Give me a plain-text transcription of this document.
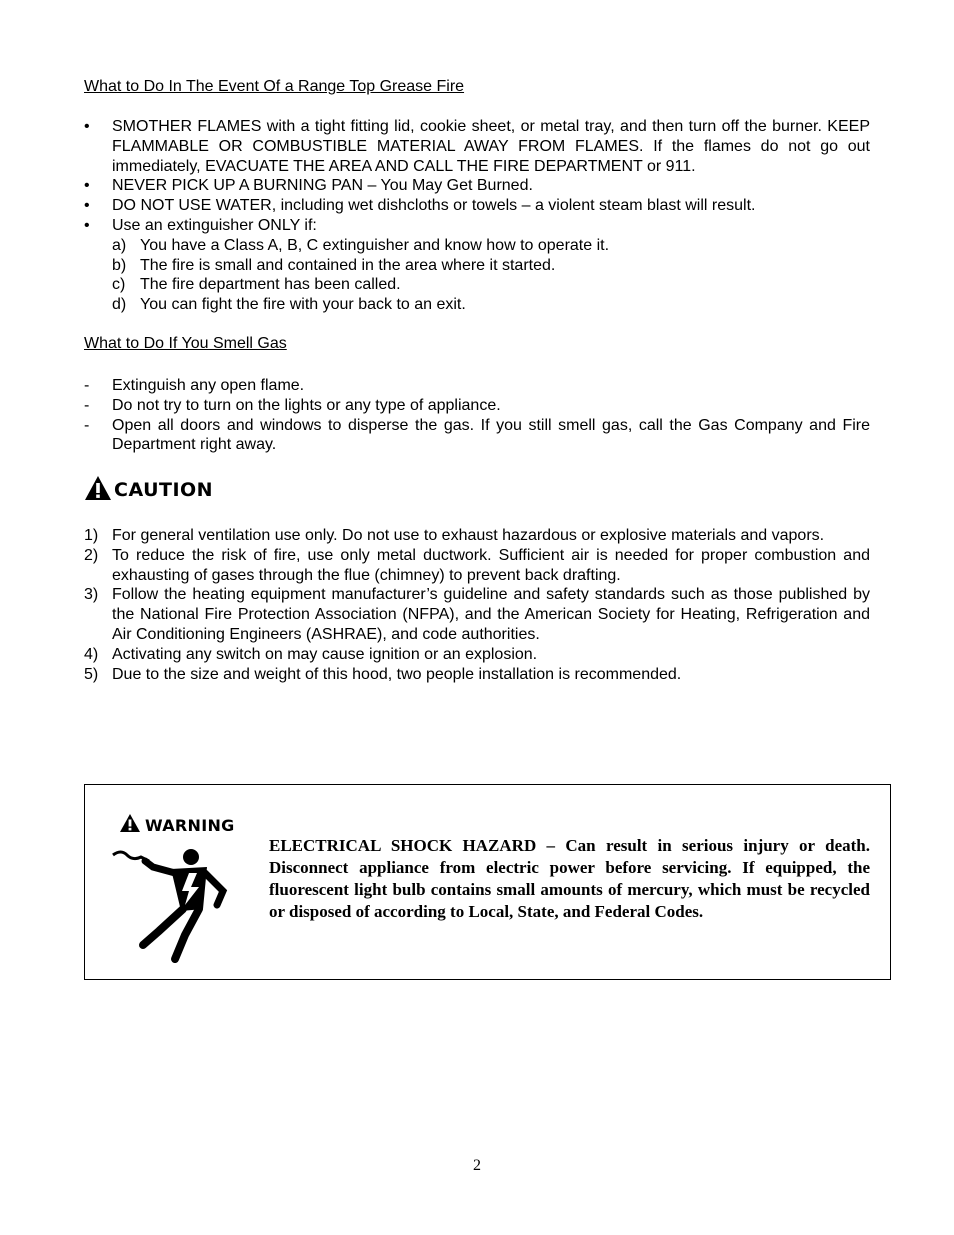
What to Do In The Event Of a Range Top Grease Fire
• SMOTHER FLAMES with a tight fitting lid, cookie sheet, or metal tray, and then turn off the burner. KEEP FLAMMABLE OR COMBUSTIBLE MATERIAL AWAY FROM FLAMES. If the flames do not go out immediately, EVACUATE THE AREA AND CALL THE FIRE DEPARTMENT or 911.
• NEVER PICK UP A BURNING PAN – You May Get Burned.
• DO NOT USE WATER, including wet dishcloths or towels – a violent steam blast will result.
• Use an extinguisher ONLY if:
a) You have a Class A, B, C extinguisher and know how to operate it.
b) The fire is small and contained in the area where it started.
c) The fire department has been called.
d) You can fight the fire with your back to an exit.
What to Do If You Smell Gas
- Extinguish any open flame.
- Do not try to turn on the lights or any type of appliance.
- Open all doors and windows to disperse the gas. If you still smell gas, call the Gas Company and Fire Department right away.
CAUTION
1) For general ventilation use only. Do not use to exhaust hazardous or explosive materials and vapors.
2) To reduce the risk of fire, use only metal ductwork. Sufficient air is needed for proper combustion and exhausting of gases through the flue (chimney) to prevent back drafting.
3) Follow the heating equipment manufacturer’s guideline and safety standards such as those published by the National Fire Protection Association (NFPA), and the American Society for Heating, Refrigeration and Air Conditioning Engineers (ASHRAE), and code authorities.
4) Activating any switch on may cause ignition or an explosion.
5) Due to the size and weight of this hood, two people installation is recommended.
WARNING
ELECTRICAL SHOCK HAZARD – Can result in serious injury or death. Disconnect appliance from electric power before servicing. If equipped, the fluorescent light bulb contains small amounts of mercury, which must be recycled or disposed of according to Local, State, and Federal Codes.
2
